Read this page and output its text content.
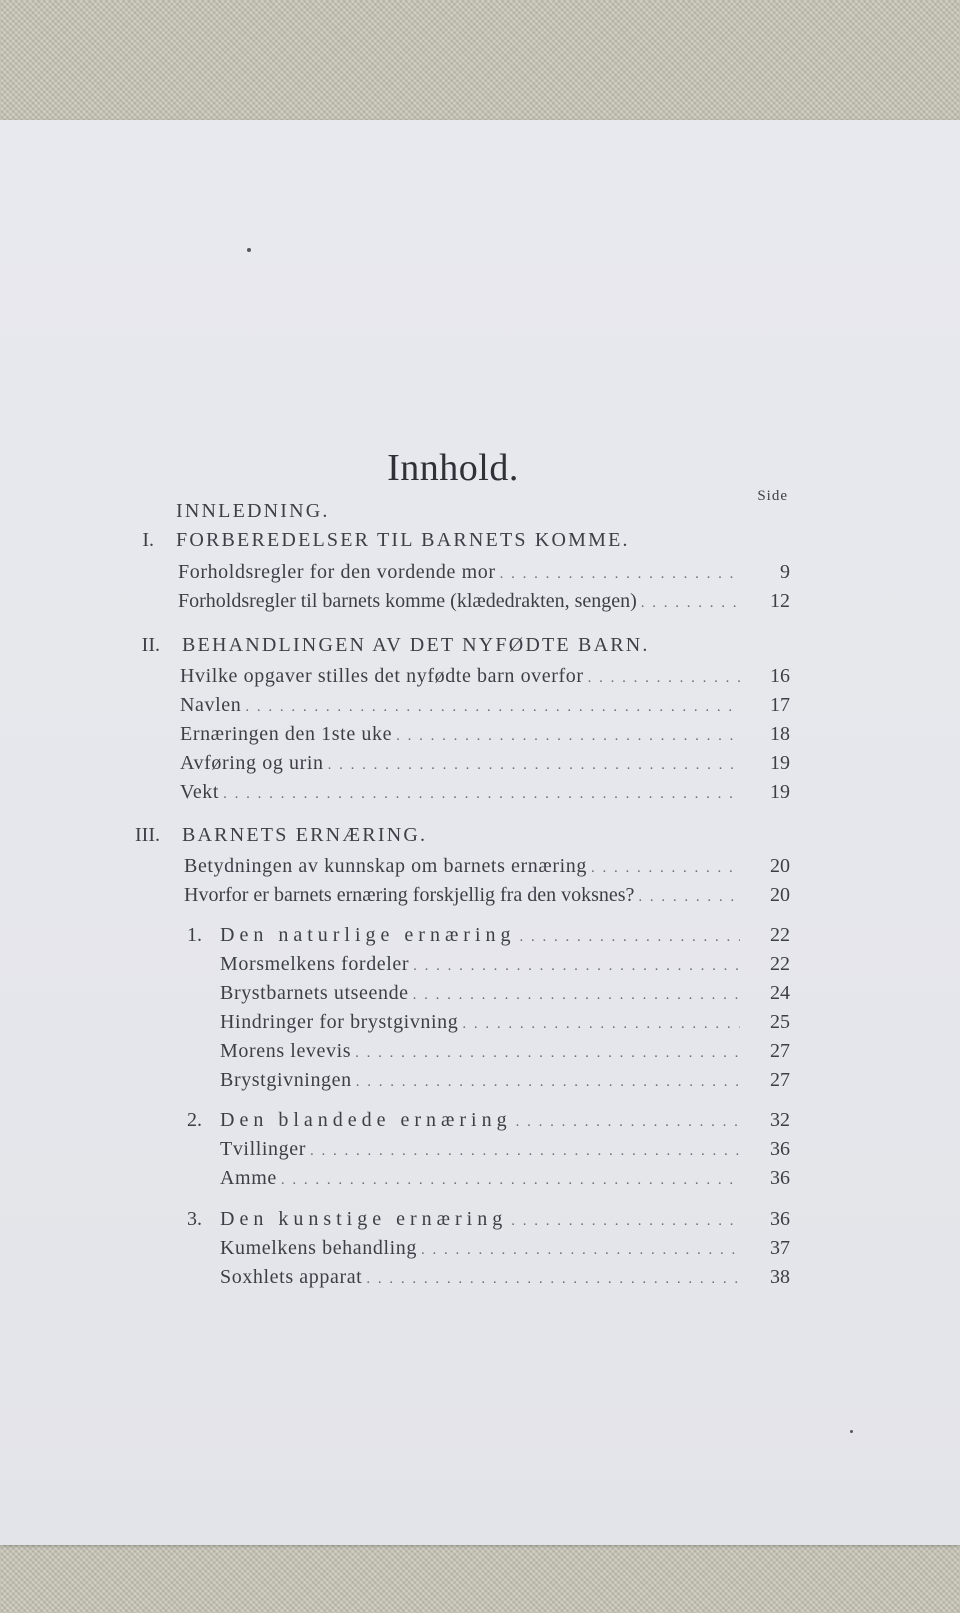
Innhold.
Side
INNLEDNING.
I. FORBEREDELSER TIL BARNETS KOMME.
Forholdsregler for den vordende mor . . .	9
Forholdsregler til barnets komme (klædedrakten, sengen) . . .	12
II. BEHANDLINGEN AV DET NYFØDTE BARN.
Hvilke opgaver stilles det nyfødte barn overfor . . .	16
Navlen . . .	17
Ernæringen den 1ste uke . . .	18
Avføring og urin . . .	19
Vekt . . .	19
III. BARNETS ERNÆRING.
Betydningen av kunnskap om barnets ernæring . . .	20
Hvorfor er barnets ernæring forskjellig fra den voksnes? . . .	20
1. Den naturlige ernæring . . .	22
Morsmelkens fordeler . . .	22
Brystbarnets utseende . . .	24
Hindringer for brystgivning . . .	25
Morens levevis . . .	27
Brystgivningen . . .	27
2. Den blandede ernæring . . .	32
Tvillinger . . .	36
Amme . . .	36
3. Den kunstige ernæring . . .	36
Kumelkens behandling . . .	37
Soxhlets apparat . . .	38
